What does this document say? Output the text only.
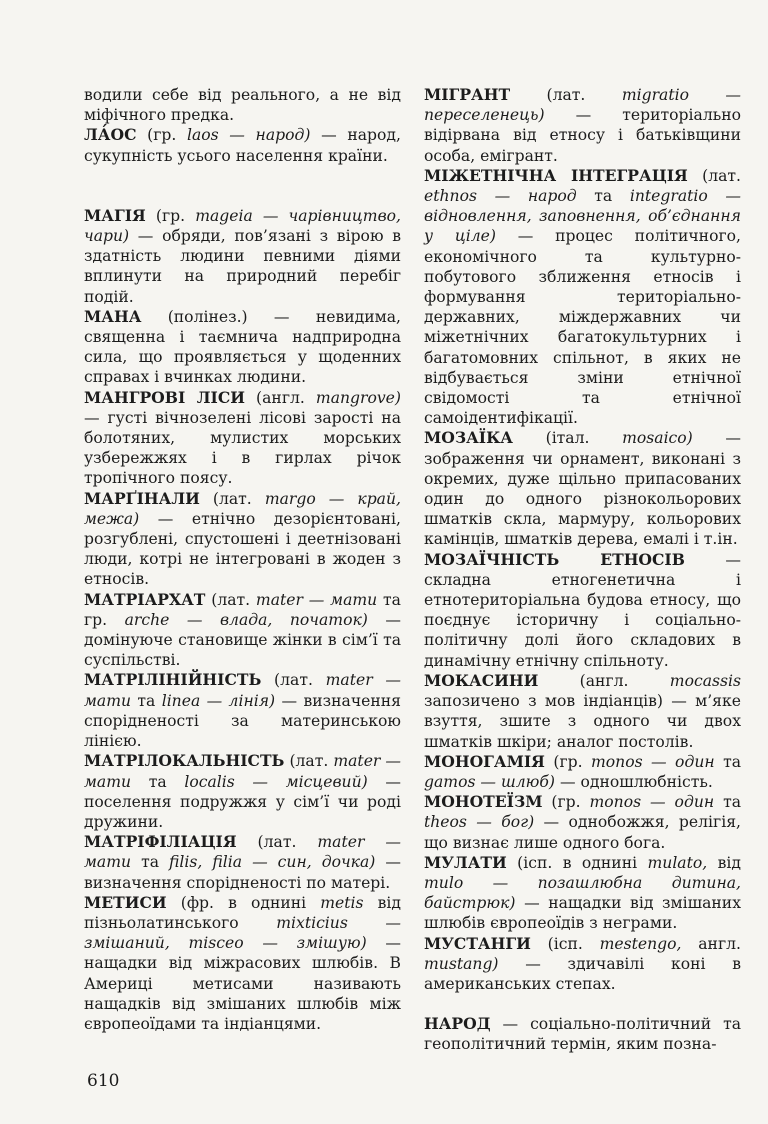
водили себе від реального, а не від міфічного предка.
ЛА́ОС (гр. laos — народ) — народ, сукупність усього населення країни.
МАГІЯ (гр. mageia — чарівництво, чари) — обряди, пов’язані з вірою в здатність людини певними діями вплинути на природний перебіг подій.
МАНА (полінез.) — невидима, священна і таємнича надприродна сила, що проявляється у щоденних справах і вчинках людини.
МАНГРОВІ ЛІСИ (англ. mangrove) — густі вічнозелені лісові зарості на болотяних, мулистих морських узбережжях і в гирлах річок тропічного поясу.
МАРҐІНАЛИ (лат. margo — край, межа) — етнічно дезорієнтовані, розгублені, спустошені і деетнізовані люди, котрі не інтегровані в жоден з етносів.
МАТРІАРХАТ (лат. mater — мати та гр. arche — влада, початок) — домінуюче становище жінки в сім’ї та суспільстві.
МАТРІЛІНІЙНІСТЬ (лат. mater — мати та linea — лінія) — визначення спорідненості за материнською лінією.
МАТРІЛОКАЛЬНІСТЬ (лат. mater — мати та localis — місцевий) — поселення подружжя у сім’ї чи роді дружини.
МАТРІФІЛІАЦІЯ (лат. mater — мати та filis, filia — син, дочка) — визначення спорідненості по матері.
МЕТИСИ (фр. в однині metis від пізньолатинського mixticius — змішаний, misceo — змішую) — нащадки від міжрасових шлюбів. В Америці метисами називають нащадків від змішаних шлюбів між європеоїдами та індіанцями.
МІГРАНТ (лат. migratio — переселенець) — територіально відірвана від етносу і батьківщини особа, емігрант.
МІЖЕТНІЧНА ІНТЕГРАЦІЯ (лат. ethnos — народ та integratio — відновлення, заповнення, об’єднання у ціле) — процес політичного, економічного та культурно-побутового зближення етносів і формування територіально-державних, міждержавних чи міжетнічних багатокультурних і багатомовних спільнот, в яких не відбувається зміни етнічної свідомості та етнічної самоідентифікації.
МОЗАЇКА (італ. mosaico) — зображення чи орнамент, виконані з окремих, дуже щільно припасованих один до одного різнокольорових шматків скла, мармуру, кольорових камінців, шматків дерева, емалі і т.ін.
МОЗАЇЧНІСТЬ ЕТНОСІВ — складна етногенетична і етнотериторіальна будова етносу, що поєднує історичну і соціально-політичну долі його складових в динамічну етнічну спільноту.
МОКАСИНИ (англ. mocassis запозичено з мов індіанців) — м’яке взуття, зшите з одного чи двох шматків шкіри; аналог постолів.
МОНОГАМІЯ (гр. monos — один та gamos — шлюб) — одношлюбність.
МОНОТЕЇЗМ (гр. monos — один та theos — бог) — однобожжя, релігія, що визнає лише одного бога.
МУЛАТИ (ісп. в однині mulato, від mulo — позашлюбна дитина, байстрюк) — нащадки від змішаних шлюбів європеоїдів з неграми.
МУСТАНГИ (ісп. mestengo, англ. mustang) — здичавілі коні в американських степах.
НАРОД — соціально-політичний та геополітичний термін, яким позна-
610
